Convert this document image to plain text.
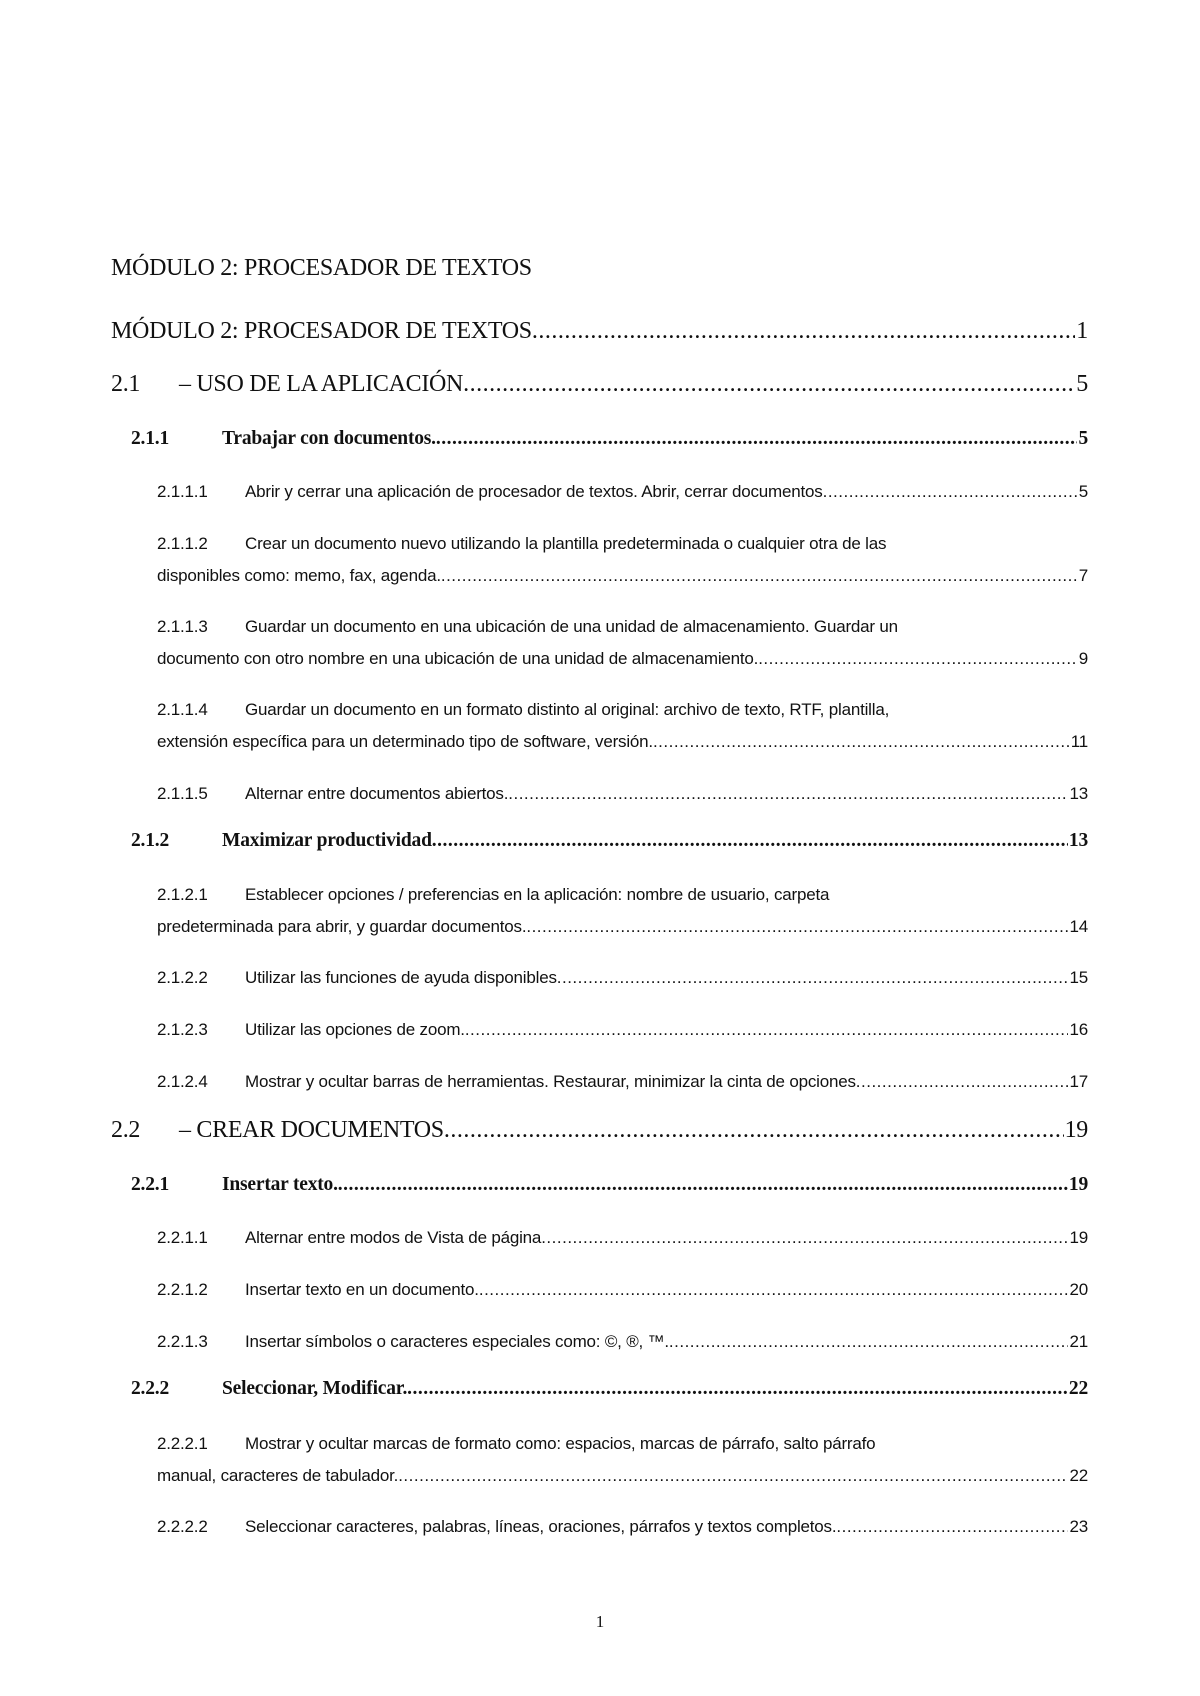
MÓDULO 2: PROCESADOR DE TEXTOS
MÓDULO 2: PROCESADOR DE TEXTOS .....	1
2.1	– USO DE LA APLICACIÓN .....	5
2.1.1	Trabajar con documentos. .....	5
2.1.1.1	Abrir y cerrar una aplicación de procesador de textos. Abrir, cerrar documentos .....	5
2.1.1.2 Crear un documento nuevo utilizando la plantilla predeterminada o cualquier otra de las
disponibles como: memo, fax, agenda. .....	7
2.1.1.3 Guardar un documento en una ubicación de una unidad de almacenamiento. Guardar un
documento con otro nombre en una ubicación de una unidad de almacenamiento. .....	9
2.1.1.4 Guardar un documento en un formato distinto al original: archivo de texto, RTF, plantilla,
extensión específica para un determinado tipo de software, versión. .....	11
2.1.1.5	Alternar entre documentos abiertos. .....	13
2.1.2	Maximizar productividad .....	13
2.1.2.1 Establecer opciones / preferencias en la aplicación: nombre de usuario, carpeta
predeterminada para abrir, y guardar documentos. .....	14
2.1.2.2	Utilizar las funciones de ayuda disponibles .....	15
2.1.2.3	Utilizar las opciones de zoom. .....	16
2.1.2.4	Mostrar y ocultar barras de herramientas. Restaurar, minimizar la cinta de opciones .....	17
2.2	– CREAR DOCUMENTOS .....	19
2.2.1	Insertar texto. .....	19
2.2.1.1	Alternar entre modos de Vista de página .....	19
2.2.1.2	Insertar texto en un documento. .....	20
2.2.1.3	Insertar símbolos o caracteres especiales como: ©, ®, ™. .....	21
2.2.2	Seleccionar, Modificar. .....	22
2.2.2.1 Mostrar y ocultar marcas de formato como: espacios, marcas de párrafo, salto párrafo
manual, caracteres de tabulador. .....	22
2.2.2.2	Seleccionar caracteres, palabras, líneas, oraciones, párrafos y textos completos. .....	23
1
